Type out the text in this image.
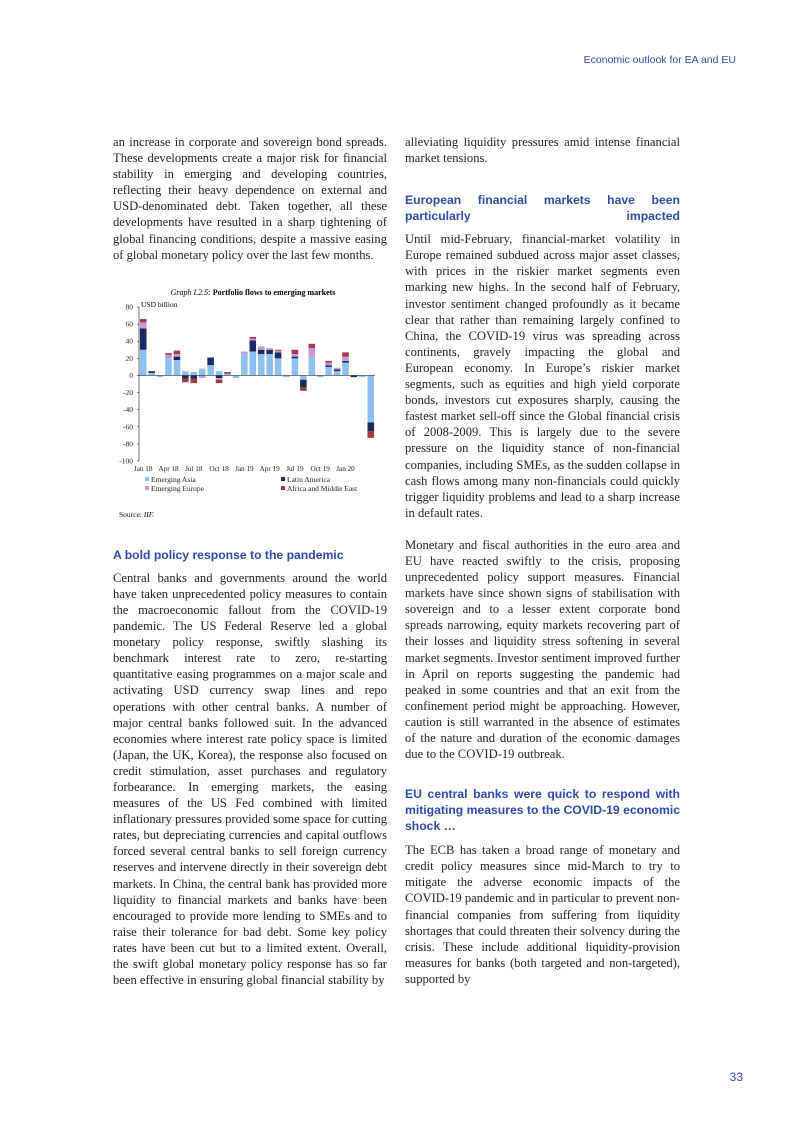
Economic outlook for EA and EU

an increase in corporate and sovereign bond spreads. These developments create a major risk for financial stability in emerging and developing countries, reflecting their heavy dependence on external and USD-denominated debt. Taken together, all these developments have resulted in a sharp tightening of global financing conditions, despite a massive easing of global monetary policy over the last few months.

Graph I.2.5: Portfolio flows to emerging markets
USD billion
80
60
40
20
0
-20
-40
-60
-80
-100
Jan 18 Apr 18 Jul 18 Oct 18 Jan 19 Apr 19 Jul 19 Oct 19 Jan 20
Emerging Asia	Latin America
Emerging Europe	Africa and Middle East
Source: IIF.
A bold policy response to the pandemic

Central banks and governments around the world have taken unprecedented policy measures to contain the macroeconomic fallout from the COVID-19 pandemic. The US Federal Reserve led a global monetary policy response, swiftly slashing its benchmark interest rate to zero, re-starting quantitative easing programmes on a major scale and activating USD currency swap lines and repo operations with other central banks. A number of major central banks followed suit. In the advanced economies where interest rate policy space is limited (Japan, the UK, Korea), the response also focused on credit stimulation, asset purchases and regulatory forbearance. In emerging markets, the easing measures of the US Fed combined with limited inflationary pressures provided some space for cutting rates, but depreciating currencies and capital outflows forced several central banks to sell foreign currency reserves and intervene directly in their sovereign debt markets. In China, the central bank has provided more liquidity to financial markets and banks have been encouraged to provide more lending to SMEs and to raise their tolerance for bad debt. Some key policy rates have been cut but to a limited extent. Overall, the swift global monetary policy response has so far been effective in ensuring global financial stability by

alleviating liquidity pressures amid intense financial market tensions.

European financial markets have been particularly impacted

Until mid-February, financial-market volatility in Europe remained subdued across major asset classes, with prices in the riskier market segments even marking new highs. In the second half of February, investor sentiment changed profoundly as it became clear that rather than remaining largely confined to China, the COVID-19 virus was spreading across continents, gravely impacting the global and European economy. In Europe’s riskier market segments, such as equities and high yield corporate bonds, investors cut exposures sharply, causing the fastest market sell-off since the Global financial crisis of 2008-2009. This is largely due to the severe pressure on the liquidity stance of non-financial companies, including SMEs, as the sudden collapse in cash flows among many non-financials could quickly trigger liquidity problems and lead to a sharp increase in default rates.

Monetary and fiscal authorities in the euro area and EU have reacted swiftly to the crisis, proposing unprecedented policy support measures. Financial markets have since shown signs of stabilisation with sovereign and to a lesser extent corporate bond spreads narrowing, equity markets recovering part of their losses and liquidity stress softening in several market segments. Investor sentiment improved further in April on reports suggesting the pandemic had peaked in some countries and that an exit from the confinement period might be approaching. However, caution is still warranted in the absence of estimates of the nature and duration of the economic damages due to the COVID-19 outbreak.

EU central banks were quick to respond with mitigating measures to the COVID-19 economic shock …

The ECB has taken a broad range of monetary and credit policy measures since mid-March to try to mitigate the adverse economic impacts of the COVID-19 pandemic and in particular to prevent non-financial companies from suffering from liquidity shortages that could threaten their solvency during the crisis. These include additional liquidity-provision measures for banks (both targeted and non-targeted), supported by

33
